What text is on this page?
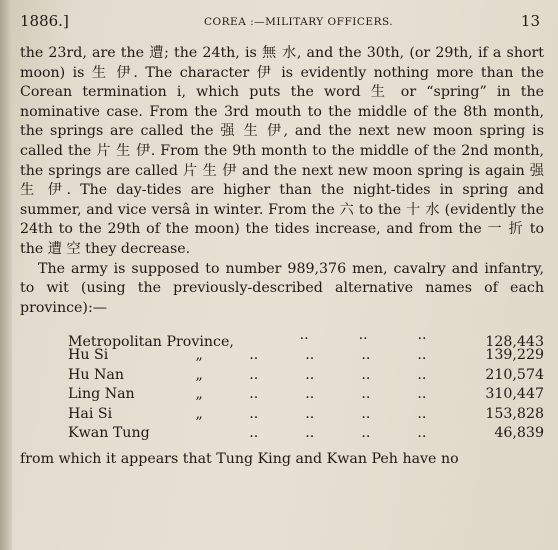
1886.]	COREA :—MILITARY OFFICERS.	13

the 23rd, are the 遭; the 24th, is 無 水, and the 30th, (or 29th, if a short moon) is 生 伊. The character 伊 is evidently nothing more than the Corean termination i, which puts the word 生 or “spring” in the nominative case. From the 3rd mouth to the middle of the 8th month, the springs are called the 强 生 伊, and the next new moon spring is called the 片 生 伊. From the 9th month to the middle of the 2nd month, the springs are called 片 生 伊 and the next new moon spring is again 强 生 伊. The day-tides are higher than the night-tides in spring and summer, and vice versâ in winter. From the 六 to the 十 水 (evidently the 24th to the 29th of the moon) the tides increase, and from the 一 折 to the 遭 空 they decrease.

The army is supposed to number 989,376 men, cavalry and infantry, to wit (using the previously-described alternative names of each province):—

Metropolitan Province,	..	..	..	128,443
Hu Si	„	..	..	..	..	139,229
Hu Nan	„	..	..	..	..	210,574
Ling Nan	„	..	..	..	..	310,447
Hai Si	„	..	..	..	..	153,828
Kwan Tung	..	..	..	..	46,839

from which it appears that Tung King and Kwan Peh have no
